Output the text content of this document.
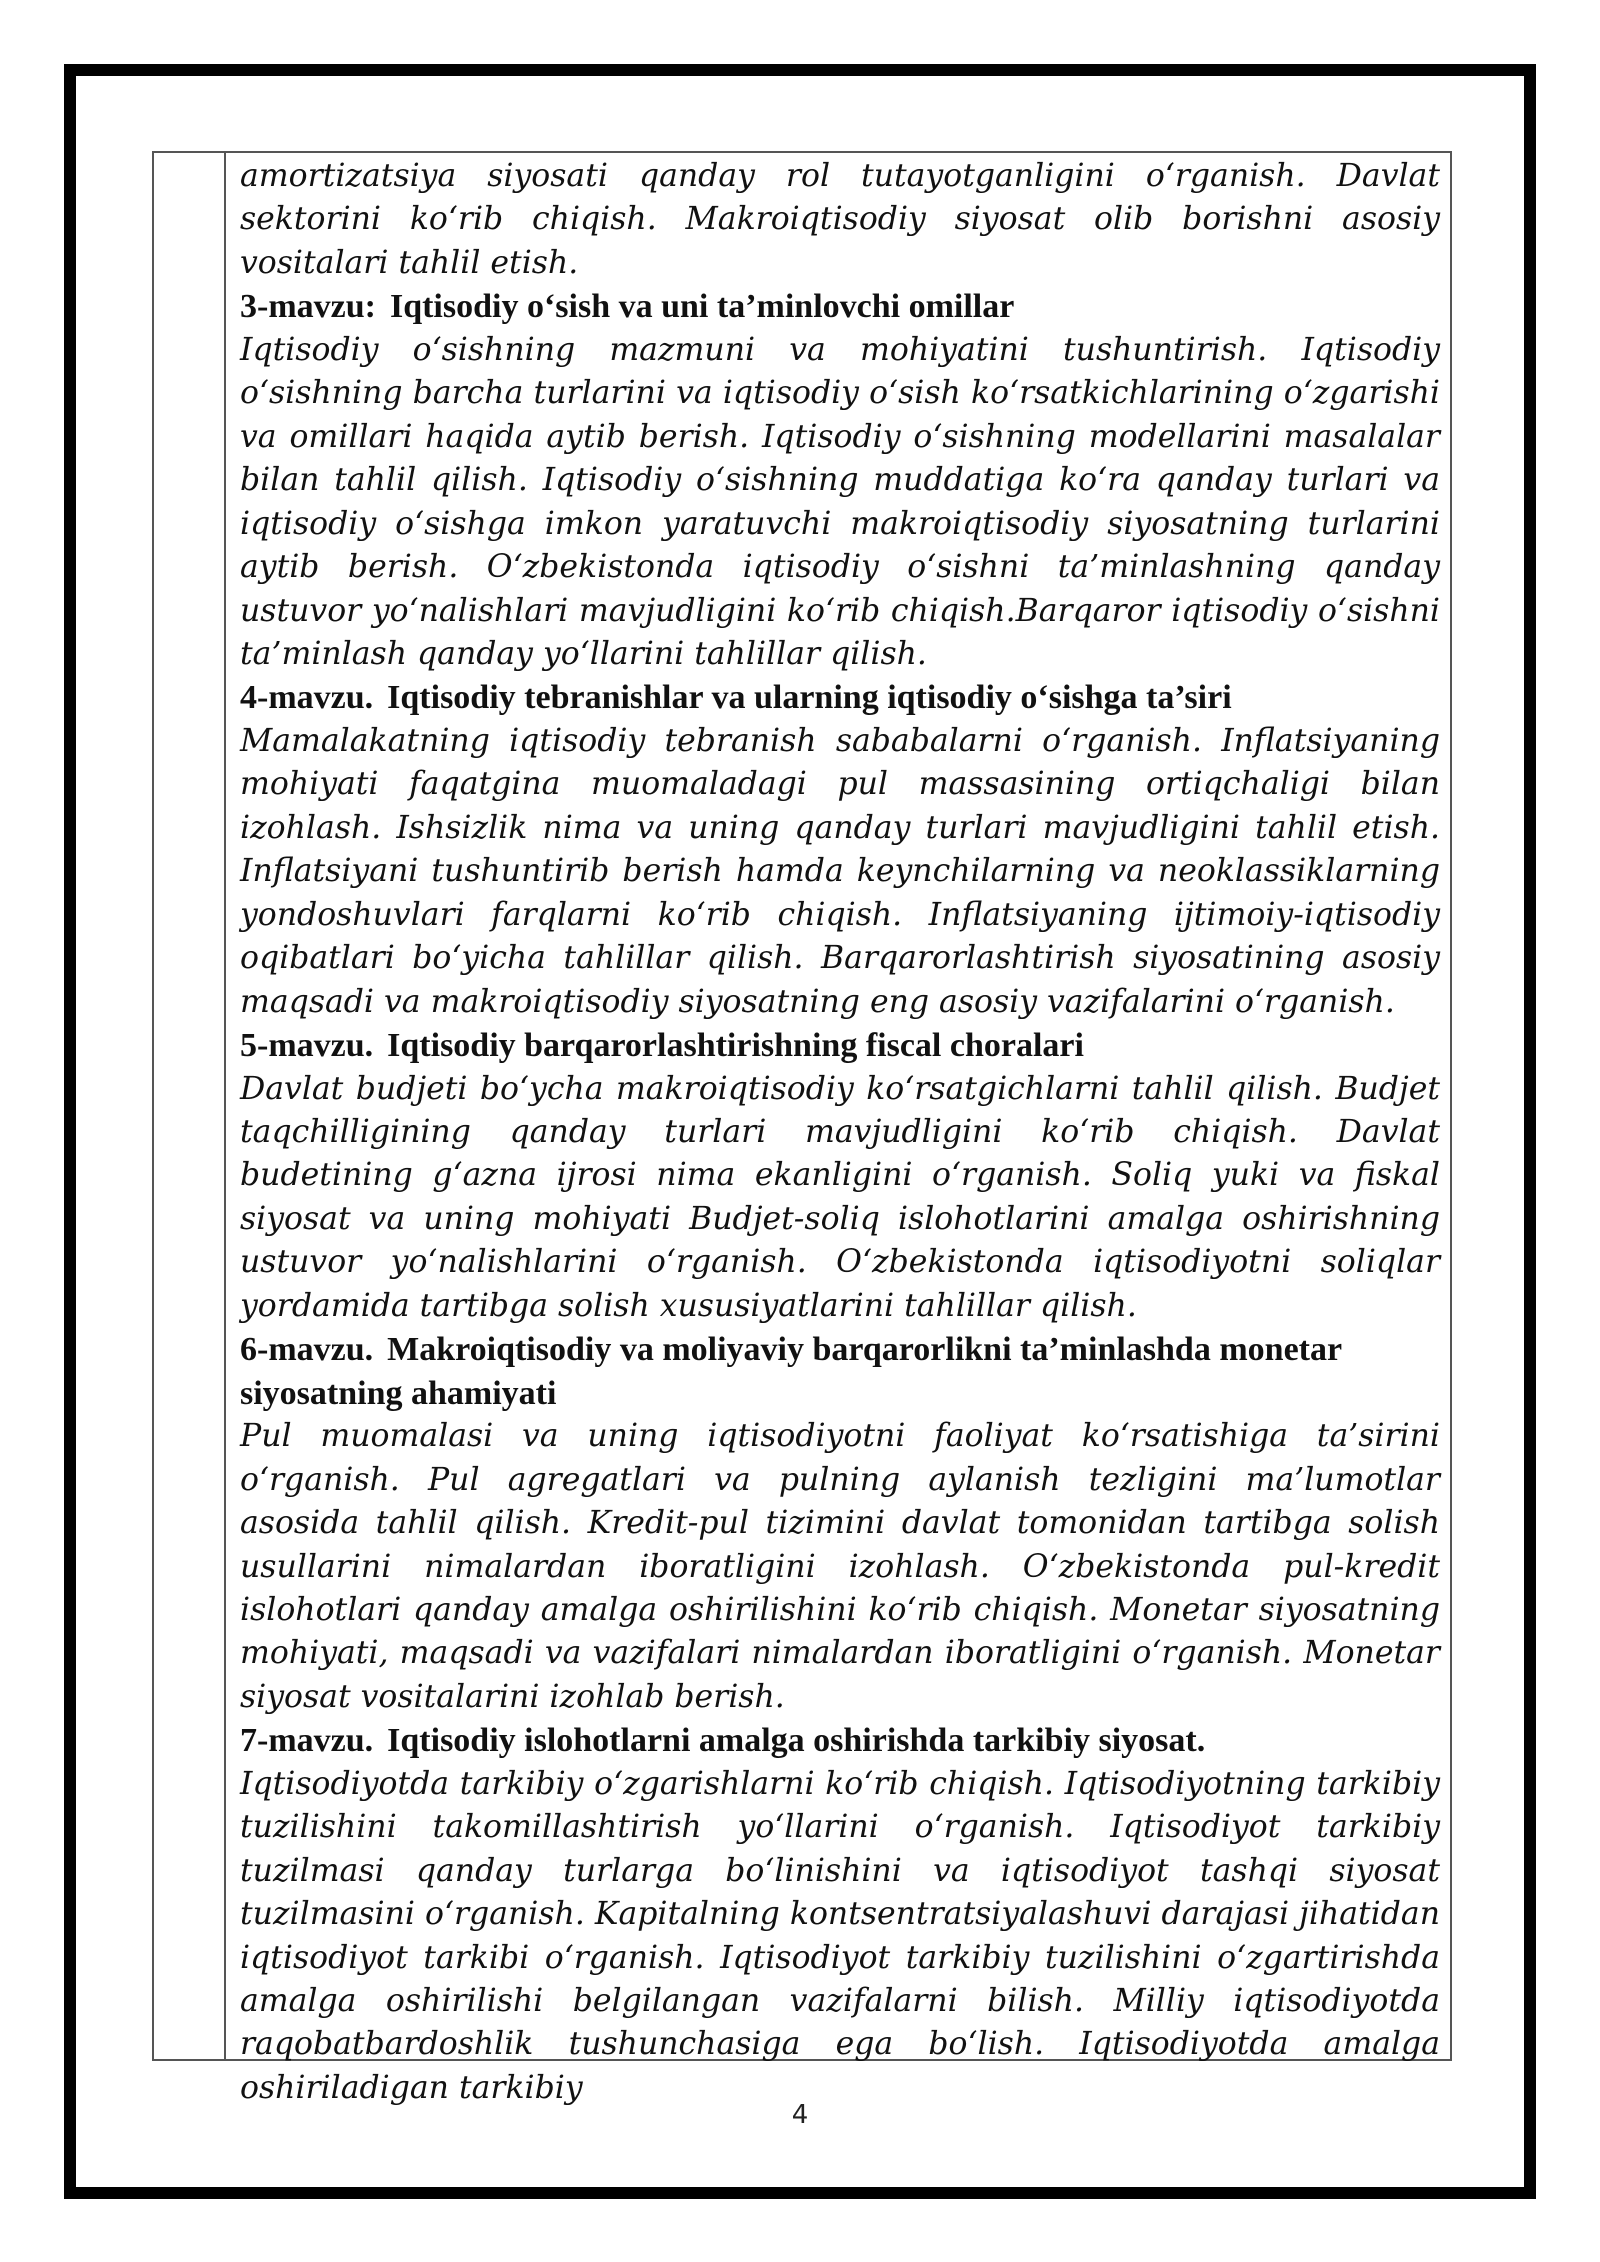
amortizatsiya siyosati qanday rol tutayotganligini o‘rganish. Davlat sektorini ko‘rib chiqish. Makroiqtisodiy siyosat olib borishni asosiy vositalari tahlil etish.

3-mavzu: Iqtisodiy o‘sish va uni ta’minlovchi omillar

Iqtisodiy o‘sishning mazmuni va mohiyatini tushuntirish. Iqtisodiy o‘sishning barcha turlarini va iqtisodiy o‘sish ko‘rsatkichlarining o‘zgarishi va omillari haqida aytib berish. Iqtisodiy o‘sishning modellarini masalalar bilan tahlil qilish. Iqtisodiy o‘sishning muddatiga ko‘ra qanday turlari va iqtisodiy o‘sishga imkon yaratuvchi makroiqtisodiy siyosatning turlarini aytib berish. O‘zbekistonda iqtisodiy o‘sishni ta’minlashning qanday ustuvor yo‘nalishlari mavjudligini ko‘rib chiqish.Barqaror iqtisodiy o‘sishni ta’minlash qanday yo‘llarini tahlillar qilish.

4-mavzu. Iqtisodiy tebranishlar va ularning iqtisodiy o‘sishga ta’siri

Mamalakatning iqtisodiy tebranish sababalarni o‘rganish. Inflatsiyaning mohiyati faqatgina muomaladagi pul massasining ortiqchaligi bilan izohlash. Ishsizlik nima va uning qanday turlari mavjudligini tahlil etish. Inflatsiyani tushuntirib berish hamda keynchilarning va neoklassiklarning yondoshuvlari farqlarni ko‘rib chiqish. Inflatsiyaning ijtimoiy-iqtisodiy oqibatlari bo‘yicha tahlillar qilish. Barqarorlashtirish siyosatining asosiy maqsadi va makroiqtisodiy siyosatning eng asosiy vazifalarini o‘rganish.

5-mavzu. Iqtisodiy barqarorlashtirishning fiscal choralari

Davlat budjeti bo‘ycha makroiqtisodiy ko‘rsatgichlarni tahlil qilish. Budjet taqchilligining qanday turlari mavjudligini ko‘rib chiqish. Davlat budetining g‘azna ijrosi nima ekanligini o‘rganish. Soliq yuki va fiskal siyosat va uning mohiyati Budjet-soliq islohotlarini amalga oshirishning ustuvor yo‘nalishlarini o‘rganish. O‘zbekistonda iqtisodiyotni soliqlar yordamida tartibga solish xususiyatlarini tahlillar qilish.

6-mavzu. Makroiqtisodiy va moliyaviy barqarorlikni ta’minlashda monetar siyosatning ahamiyati

Pul muomalasi va uning iqtisodiyotni faoliyat ko‘rsatishiga ta’sirini o‘rganish. Pul agregatlari va pulning aylanish tezligini ma’lumotlar asosida tahlil qilish. Kredit-pul tizimini davlat tomonidan tartibga solish usullarini nimalardan iboratligini izohlash. O‘zbekistonda pul-kredit islohotlari qanday amalga oshirilishini ko‘rib chiqish. Monetar siyosatning mohiyati, maqsadi va vazifalari nimalardan iboratligini o‘rganish. Monetar siyosat vositalarini izohlab berish.

7-mavzu. Iqtisodiy islohotlarni amalga oshirishda tarkibiy siyosat.

Iqtisodiyotda tarkibiy o‘zgarishlarni ko‘rib chiqish. Iqtisodiyotning tarkibiy tuzilishini takomillashtirish yo‘llarini o‘rganish. Iqtisodiyot tarkibiy tuzilmasi qanday turlarga bo‘linishini va iqtisodiyot tashqi siyosat tuzilmasini o‘rganish. Kapitalning kontsentratsiyalashuvi darajasi jihatidan iqtisodiyot tarkibi o‘rganish. Iqtisodiyot tarkibiy tuzilishini o‘zgartirishda amalga oshirilishi belgilangan vazifalarni bilish. Milliy iqtisodiyotda raqobatbardoshlik tushunchasiga ega bo‘lish. Iqtisodiyotda amalga oshiriladigan tarkibiy

4
